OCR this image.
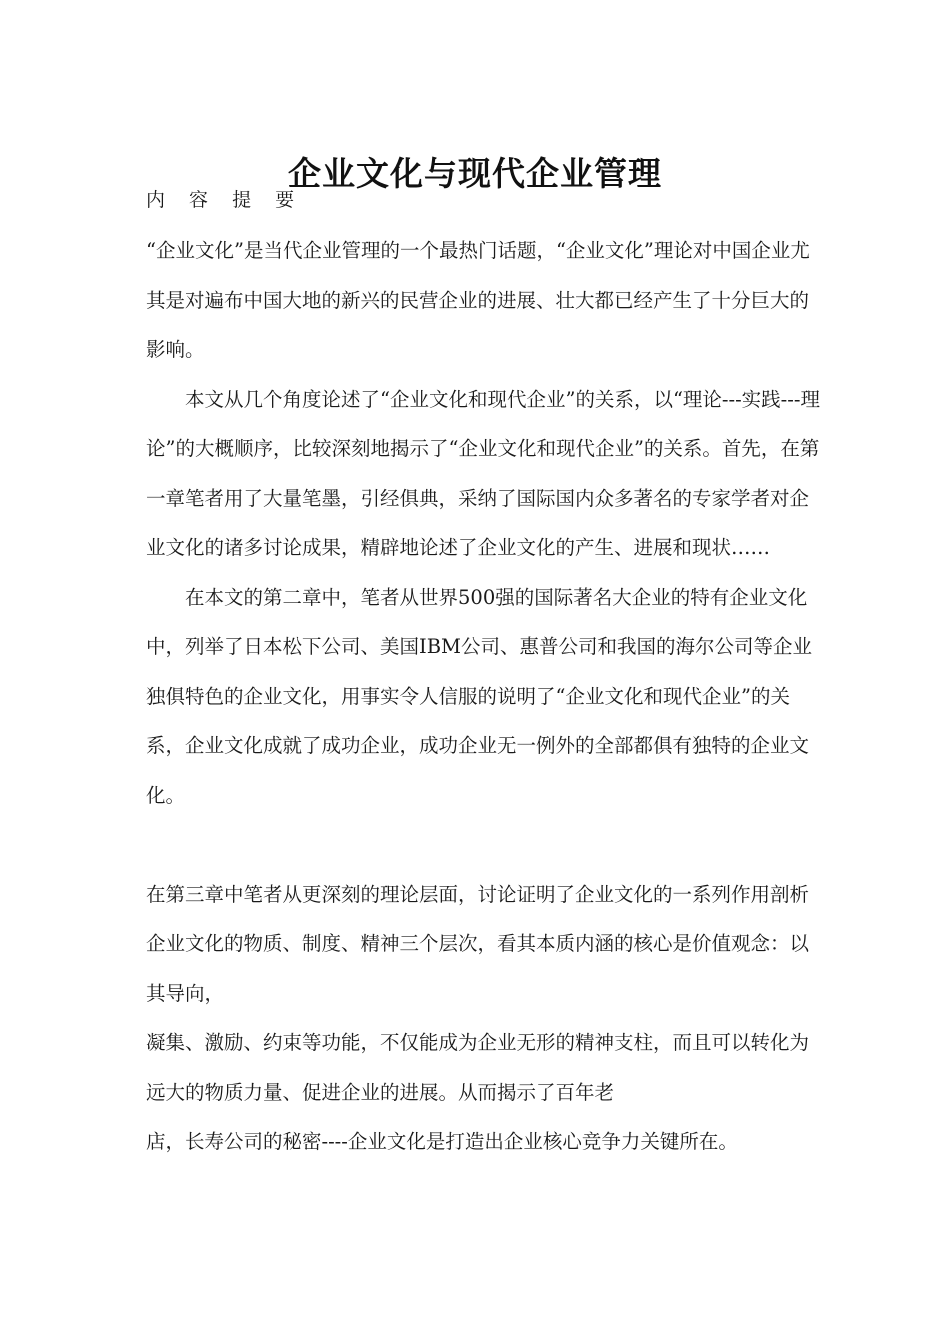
企业文化与现代企业管理
内 容 提 要

“企业文化”是当代企业管理的一个最热门话题，“企业文化”理论对中国企业尤其是对遍布中国大地的新兴的民营企业的进展、壮大都已经产生了十分巨大的影响。

本文从几个角度论述了“企业文化和现代企业”的关系，以“理论---实践---理论”的大概顺序，比较深刻地揭示了“企业文化和现代企业”的关系。首先，在第一章笔者用了大量笔墨，引经俱典，采纳了国际国内众多著名的专家学者对企业文化的诸多讨论成果，精辟地论述了企业文化的产生、进展和现状……

在本文的第二章中，笔者从世界500强的国际著名大企业的特有企业文化中，列举了日本松下公司、美国IBM公司、惠普公司和我国的海尔公司等企业独俱特色的企业文化，用事实令人信服的说明了“企业文化和现代企业”的关系，企业文化成就了成功企业，成功企业无一例外的全部都俱有独特的企业文化。

在第三章中笔者从更深刻的理论层面，讨论证明了企业文化的一系列作用剖析企业文化的物质、制度、精神三个层次，看其本质内涵的核心是价值观念：以其导向，

凝集、激励、约束等功能，不仅能成为企业无形的精神支柱，而且可以转化为远大的物质力量、促进企业的进展。从而揭示了百年老
店，长寿公司的秘密----企业文化是打造出企业核心竞争力关键所在。
